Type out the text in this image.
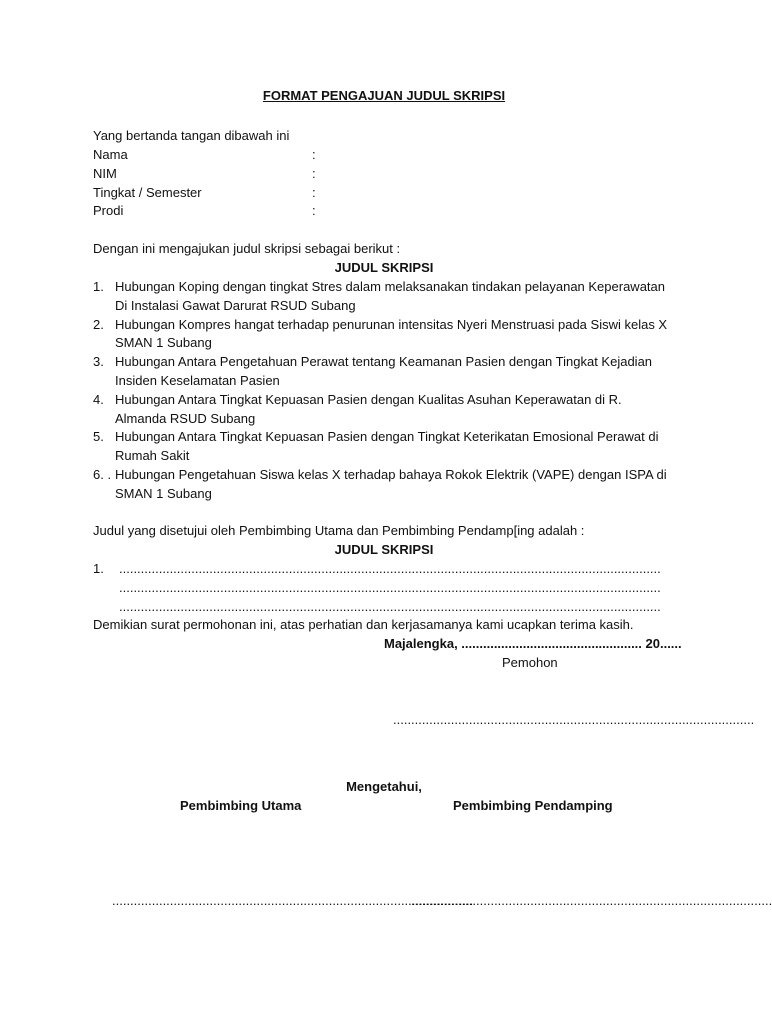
FORMAT PENGAJUAN JUDUL SKRIPSI
Yang bertanda tangan dibawah ini
Nama	:
NIM	:
Tingkat / Semester	:
Prodi	:
Dengan ini mengajukan judul skripsi sebagai berikut :
JUDUL SKRIPSI
1. Hubungan Koping dengan tingkat Stres dalam melaksanakan tindakan pelayanan Keperawatan Di Instalasi Gawat Darurat RSUD Subang
2. Hubungan Kompres hangat terhadap penurunan intensitas Nyeri Menstruasi pada Siswi kelas X SMAN 1 Subang
3. Hubungan Antara Pengetahuan Perawat tentang Keamanan Pasien dengan Tingkat Kejadian Insiden Keselamatan Pasien
4. Hubungan Antara Tingkat Kepuasan Pasien dengan Kualitas Asuhan Keperawatan di R. Almanda RSUD Subang
5. Hubungan Antara Tingkat Kepuasan Pasien dengan Tingkat Keterikatan Emosional Perawat di Rumah Sakit
6. . Hubungan Pengetahuan Siswa kelas X terhadap bahaya Rokok Elektrik (VAPE) dengan ISPA di SMAN 1 Subang
Judul yang disetujui oleh Pembimbing Utama dan Pembimbing Pendamp[ing adalah :
JUDUL SKRIPSI
1.	......................................................................................................................................................
......................................................................................................................................................
......................................................................................................................................................
Demikian surat permohonan ini, atas perhatian dan kerjasamanya kami ucapkan terima kasih.
Majalengka, .................................................. 20......
Pemohon
....................................................................................................
Mengetahui,
Pembimbing Utama	Pembimbing Pendamping
....................................................................................................
....................................................................................................
